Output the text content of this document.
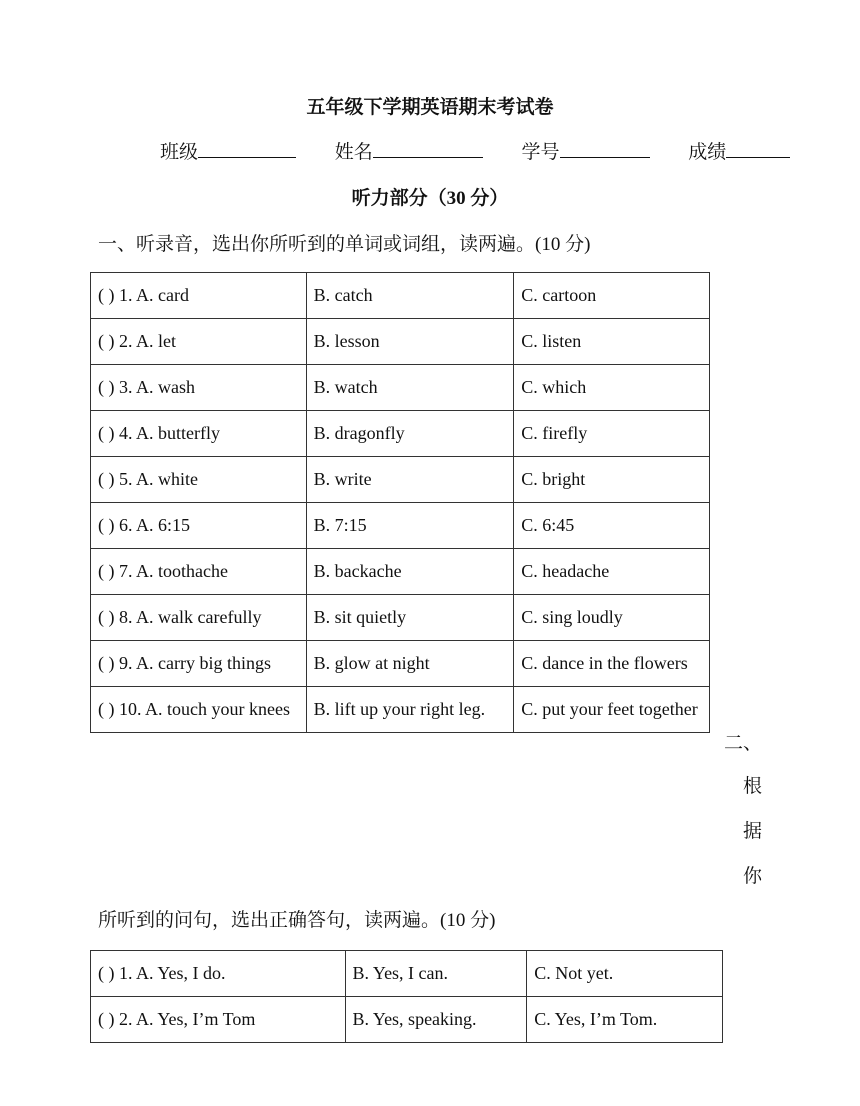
五年级下学期英语期末考试卷
班级	姓名	学号	成绩
听力部分（30 分）
一、听录音，选出你所听到的单词或词组，读两遍。(10 分)
( ) 1. A. card	B. catch	C. cartoon
( ) 2. A. let	B. lesson	C. listen
( ) 3. A. wash	B. watch	C. which
( ) 4. A. butterfly	B. dragonfly	C. firefly
( ) 5. A. white	B. write	C. bright
( ) 6. A. 6:15	B. 7:15	C. 6:45
( ) 7. A. toothache	B. backache	C. headache
( ) 8. A. walk carefully	B. sit quietly	C. sing loudly
( ) 9. A. carry big things	B. glow at night	C. dance in the flowers
( ) 10. A. touch your knees	B. lift up your right leg.	C. put your feet together
二、
根
据
你
所听到的问句，选出正确答句，读两遍。(10 分)
( ) 1. A. Yes, I do.	B. Yes, I can.	C. Not yet.
( ) 2. A. Yes, I’m Tom	B. Yes, speaking.	C. Yes, I’m Tom.
